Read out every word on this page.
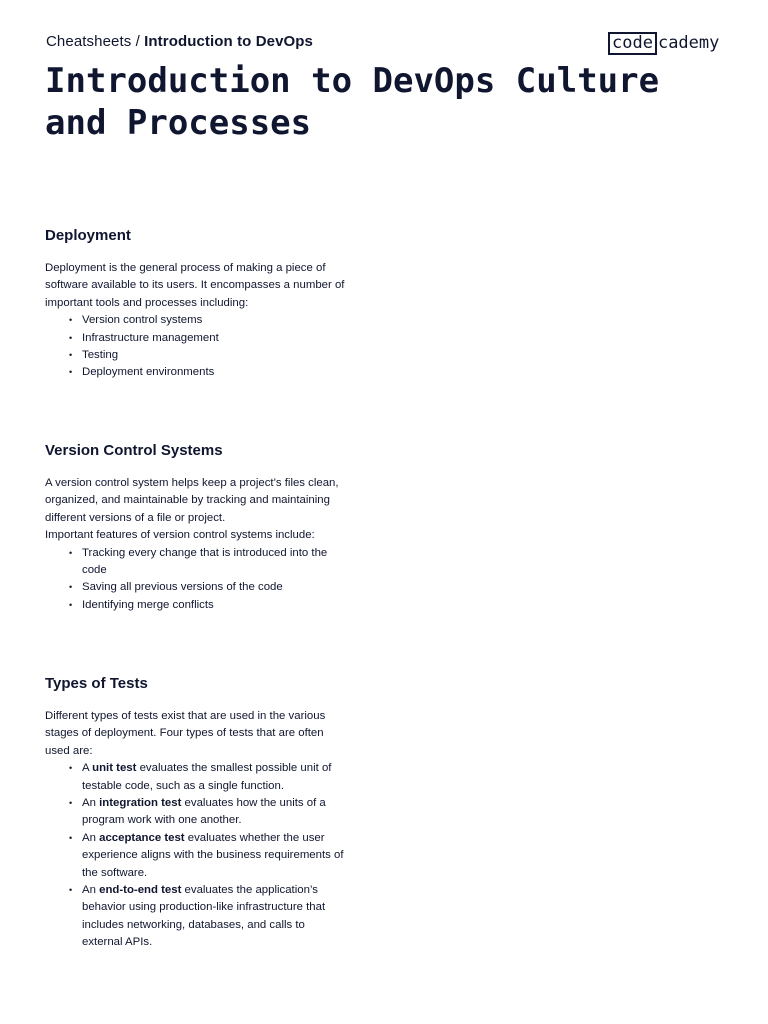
Cheatsheets / Introduction to DevOps	code cademy
Introduction to DevOps Culture and Processes
Deployment

Deployment is the general process of making a piece of software available to its users. It encompasses a number of important tools and processes including:

• Version control systems
• Infrastructure management
• Testing
• Deployment environments
Version Control Systems

A version control system helps keep a project’s files clean, organized, and maintainable by tracking and maintaining different versions of a file or project.

Important features of version control systems include:

• Tracking every change that is introduced into the code
• Saving all previous versions of the code
• Identifying merge conflicts
Types of Tests

Different types of tests exist that are used in the various stages of deployment. Four types of tests that are often used are:

• A unit test evaluates the smallest possible unit of testable code, such as a single function.
• An integration test evaluates how the units of a program work with one another.
• An acceptance test evaluates whether the user experience aligns with the business requirements of the software.
• An end-to-end test evaluates the application’s behavior using production-like infrastructure that includes networking, databases, and calls to external APIs.
